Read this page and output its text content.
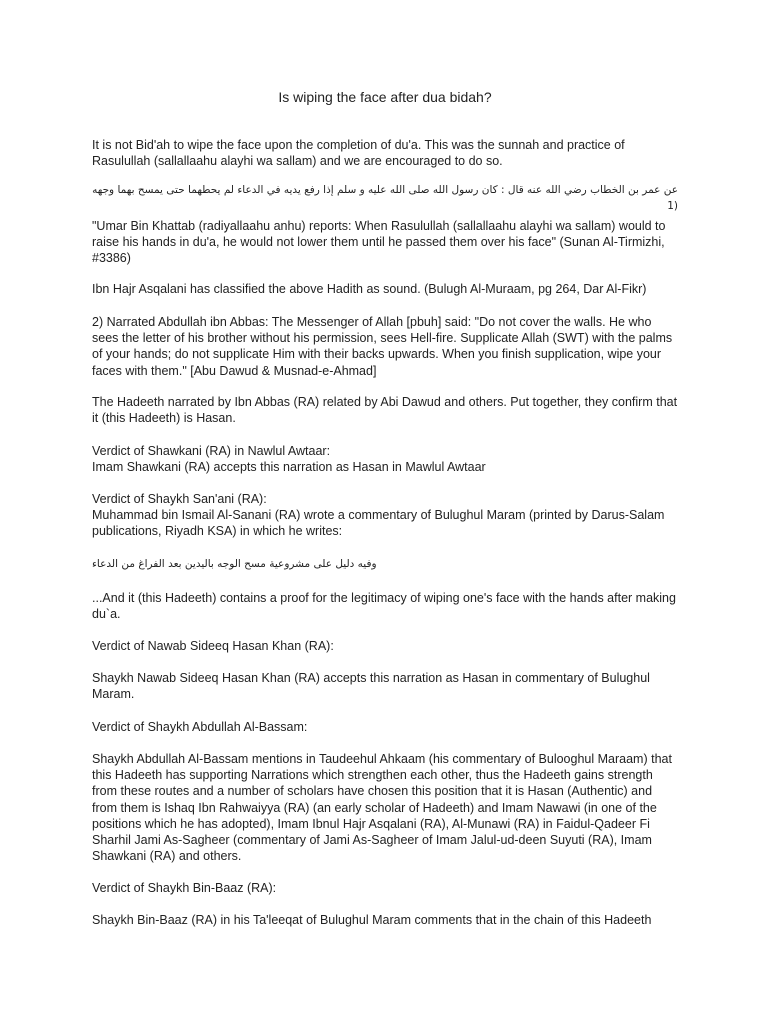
Is wiping the face after dua bidah?

It is not Bid'ah to wipe the face upon the completion of du'a. This was the sunnah and practice of Rasulullah (sallallaahu alayhi wa sallam) and we are encouraged to do so.

عن عمر بن الخطاب رضي الله عنه قال : كان رسول الله صلى الله عليه و سلم إذا رفع يديه في الدعاء لم يحطهما حتى يمسح بهما وجهه (1

"Umar Bin Khattab (radiyallaahu anhu) reports: When Rasulullah (sallallaahu alayhi wa sallam) would to raise his hands in du'a, he would not lower them until he passed them over his face" (Sunan Al-Tirmizhi, #3386)

Ibn Hajr Asqalani has classified the above Hadith as sound. (Bulugh Al-Muraam, pg 264, Dar Al-Fikr)

2) Narrated Abdullah ibn Abbas: The Messenger of Allah [pbuh] said: "Do not cover the walls. He who sees the letter of his brother without his permission, sees Hell-fire. Supplicate Allah (SWT) with the palms of your hands; do not supplicate Him with their backs upwards. When you finish supplication, wipe your faces with them." [Abu Dawud & Musnad-e-Ahmad]

The Hadeeth narrated by Ibn Abbas (RA) related by Abi Dawud and others. Put together, they confirm that it (this Hadeeth) is Hasan.

Verdict of Shawkani (RA) in Nawlul Awtaar:

Imam Shawkani (RA) accepts this narration as Hasan in Mawlul Awtaar

Verdict of Shaykh San'ani (RA):

Muhammad bin Ismail Al-Sanani (RA) wrote a commentary of Bulughul Maram (printed by Darus-Salam publications, Riyadh KSA) in which he writes:

وفيه دليل على مشروعية مسح الوجه باليدين بعد الفراغ من الدعاء

...And it (this Hadeeth) contains a proof for the legitimacy of wiping one's face with the hands after making du`a.

Verdict of Nawab Sideeq Hasan Khan (RA):

Shaykh Nawab Sideeq Hasan Khan (RA) accepts this narration as Hasan in commentary of Bulughul Maram.

Verdict of Shaykh Abdullah Al-Bassam:

Shaykh Abdullah Al-Bassam mentions in Taudeehul Ahkaam (his commentary of Bulooghul Maraam) that this Hadeeth has supporting Narrations which strengthen each other, thus the Hadeeth gains strength from these routes and a number of scholars have chosen this position that it is Hasan (Authentic) and from them is Ishaq Ibn Rahwaiyya (RA) (an early scholar of Hadeeth) and Imam Nawawi (in one of the positions which he has adopted), Imam Ibnul Hajr Asqalani (RA), Al-Munawi (RA) in Faidul-Qadeer Fi Sharhil Jami As-Sagheer (commentary of Jami As-Sagheer of Imam Jalul-ud-deen Suyuti (RA), Imam Shawkani (RA) and others.

Verdict of Shaykh Bin-Baaz (RA):

Shaykh Bin-Baaz (RA) in his Ta'leeqat of Bulughul Maram comments that in the chain of this Hadeeth
